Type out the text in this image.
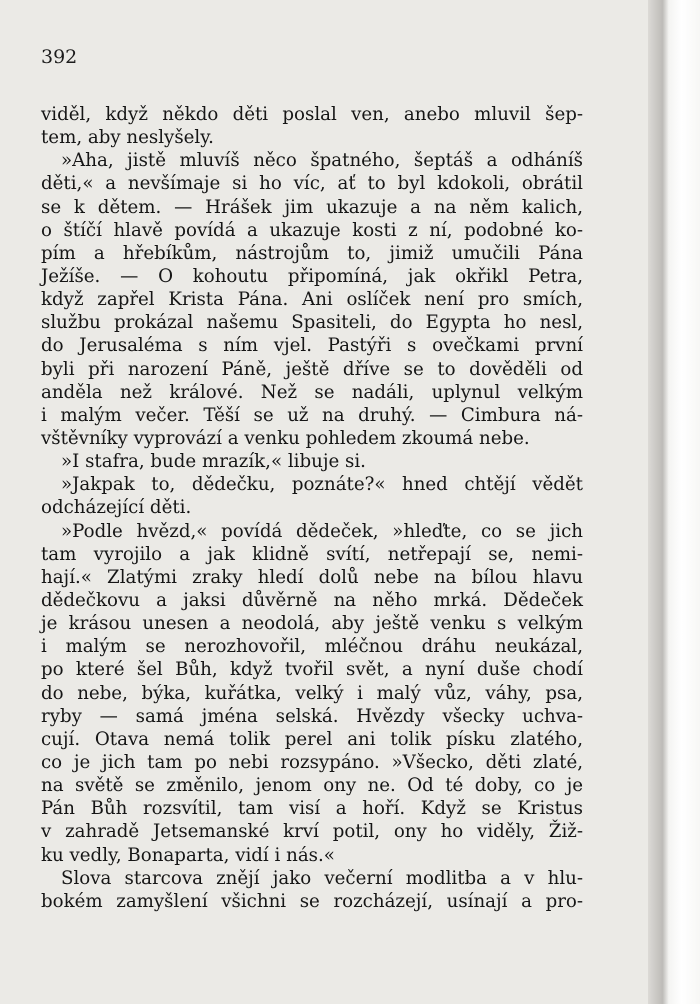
392
viděl, když někdo děti poslal ven, anebo mluvil šep-
tem, aby neslyšely.
»Aha, jistě mluvíš něco špatného, šeptáš a odháníš
děti,« a nevšímaje si ho víc, ať to byl kdokoli, obrátil
se k dětem. — Hrášek jim ukazuje a na něm kalich,
o štíčí hlavě povídá a ukazuje kosti z ní, podobné ko-
pím a hřebíkům, nástrojům to, jimiž umučili Pána
Ježíše. — O kohoutu připomíná, jak okřikl Petra,
když zapřel Krista Pána. Ani oslíček není pro smích,
službu prokázal našemu Spasiteli, do Egypta ho nesl,
do Jerusaléma s ním vjel. Pastýři s ovečkami první
byli při narození Páně, ještě dříve se to dověděli od
anděla než králové. Než se nadáli, uplynul velkým
i malým večer. Těší se už na druhý. — Cimbura ná-
vštěvníky vyprovází a venku pohledem zkoumá nebe.
»I stafra, bude mrazík,« libuje si.
»Jakpak to, dědečku, poznáte?« hned chtějí vědět
odcházející děti.
»Podle hvězd,« povídá dědeček, »hleďte, co se jich
tam vyrojilo a jak klidně svítí, netřepají se, nemi-
hají.« Zlatými zraky hledí dolů nebe na bílou hlavu
dědečkovu a jaksi důvěrně na něho mrká. Dědeček
je krásou unesen a neodolá, aby ještě venku s velkým
i malým se nerozhovořil, mléčnou dráhu neukázal,
po které šel Bůh, když tvořil svět, a nyní duše chodí
do nebe, býka, kuřátka, velký i malý vůz, váhy, psa,
ryby — samá jména selská. Hvězdy všecky uchva-
cují. Otava nemá tolik perel ani tolik písku zlatého,
co je jich tam po nebi rozsypáno. »Všecko, děti zlaté,
na světě se změnilo, jenom ony ne. Od té doby, co je
Pán Bůh rozsvítil, tam visí a hoří. Když se Kristus
v zahradě Jetsemanské krví potil, ony ho viděly, Žiž-
ku vedly, Bonaparta, vidí i nás.«
Slova starcova znějí jako večerní modlitba a v hlu-
bokém zamyšlení všichni se rozcházejí, usínají a pro-
